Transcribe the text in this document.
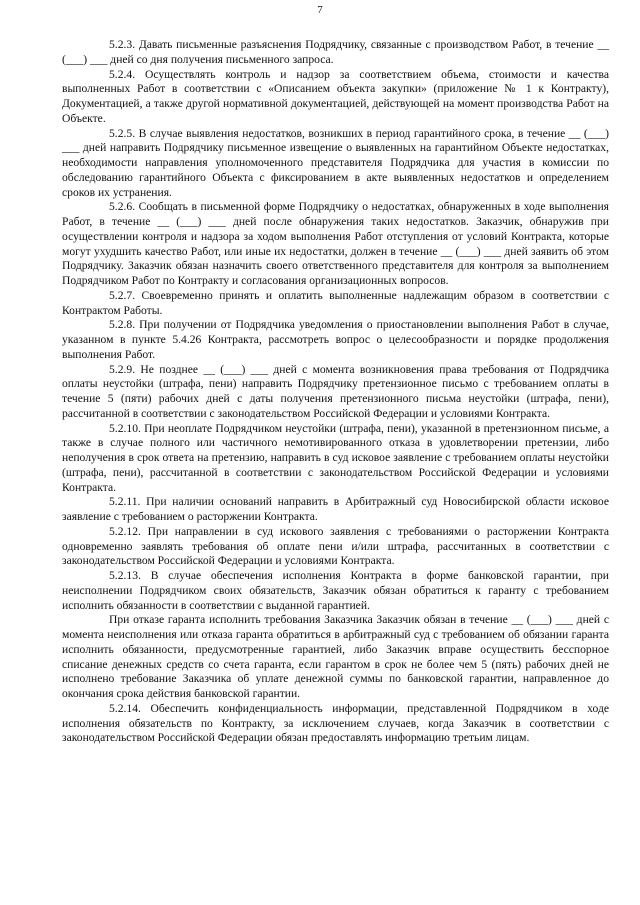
7

5.2.3. Давать письменные разъяснения Подрядчику, связанные с производством Работ, в течение __ (___) ___ дней со дня получения письменного запроса.

5.2.4. Осуществлять контроль и надзор за соответствием объема, стоимости и качества выполненных Работ в соответствии с «Описанием объекта закупки» (приложение № 1 к Контракту), Документацией, а также другой нормативной документацией, действующей на момент производства Работ на Объекте.

5.2.5. В случае выявления недостатков, возникших в период гарантийного срока, в течение __ (___) ___ дней направить Подрядчику письменное извещение о выявленных на гарантийном Объекте недостатках, необходимости направления уполномоченного представителя Подрядчика для участия в комиссии по обследованию гарантийного Объекта с фиксированием в акте выявленных недостатков и определением сроков их устранения.

5.2.6. Сообщать в письменной форме Подрядчику о недостатках, обнаруженных в ходе выполнения Работ, в течение __ (___) ___ дней после обнаружения таких недостатков. Заказчик, обнаружив при осуществлении контроля и надзора за ходом выполнения Работ отступления от условий Контракта, которые могут ухудшить качество Работ, или иные их недостатки, должен в течение __ (___) ___ дней заявить об этом Подрядчику. Заказчик обязан назначить своего ответственного представителя для контроля за выполнением Подрядчиком Работ по Контракту и согласования организационных вопросов.

5.2.7. Своевременно принять и оплатить выполненные надлежащим образом в соответствии с Контрактом Работы.

5.2.8. При получении от Подрядчика уведомления о приостановлении выполнения Работ в случае, указанном в пункте 5.4.26 Контракта, рассмотреть вопрос о целесообразности и порядке продолжения выполнения Работ.

5.2.9. Не позднее __ (___) ___ дней с момента возникновения права требования от Подрядчика оплаты неустойки (штрафа, пени) направить Подрядчику претензионное письмо с требованием оплаты в течение 5 (пяти) рабочих дней с даты получения претензионного письма неустойки (штрафа, пени), рассчитанной в соответствии с законодательством Российской Федерации и условиями Контракта.

5.2.10. При неоплате Подрядчиком неустойки (штрафа, пени), указанной в претензионном письме, а также в случае полного или частичного немотивированного отказа в удовлетворении претензии, либо неполучения в срок ответа на претензию, направить в суд исковое заявление с требованием оплаты неустойки (штрафа, пени), рассчитанной в соответствии с законодательством Российской Федерации и условиями Контракта.

5.2.11. При наличии оснований направить в Арбитражный суд Новосибирской области исковое заявление с требованием о расторжении Контракта.

5.2.12. При направлении в суд искового заявления с требованиями о расторжении Контракта одновременно заявлять требования об оплате пени и/или штрафа, рассчитанных в соответствии с законодательством Российской Федерации и условиями Контракта.

5.2.13. В случае обеспечения исполнения Контракта в форме банковской гарантии, при неисполнении Подрядчиком своих обязательств, Заказчик обязан обратиться к гаранту с требованием исполнить обязанности в соответствии с выданной гарантией.

При отказе гаранта исполнить требования Заказчика Заказчик обязан в течение __ (___) ___ дней с момента неисполнения или отказа гаранта обратиться в арбитражный суд с требованием об обязании гаранта исполнить обязанности, предусмотренные гарантией, либо Заказчик вправе осуществить бесспорное списание денежных средств со счета гаранта, если гарантом в срок не более чем 5 (пять) рабочих дней не исполнено требование Заказчика об уплате денежной суммы по банковской гарантии, направленное до окончания срока действия банковской гарантии.

5.2.14. Обеспечить конфиденциальность информации, представленной Подрядчиком в ходе исполнения обязательств по Контракту, за исключением случаев, когда Заказчик в соответствии с законодательством Российской Федерации обязан предоставлять информацию третьим лицам.
